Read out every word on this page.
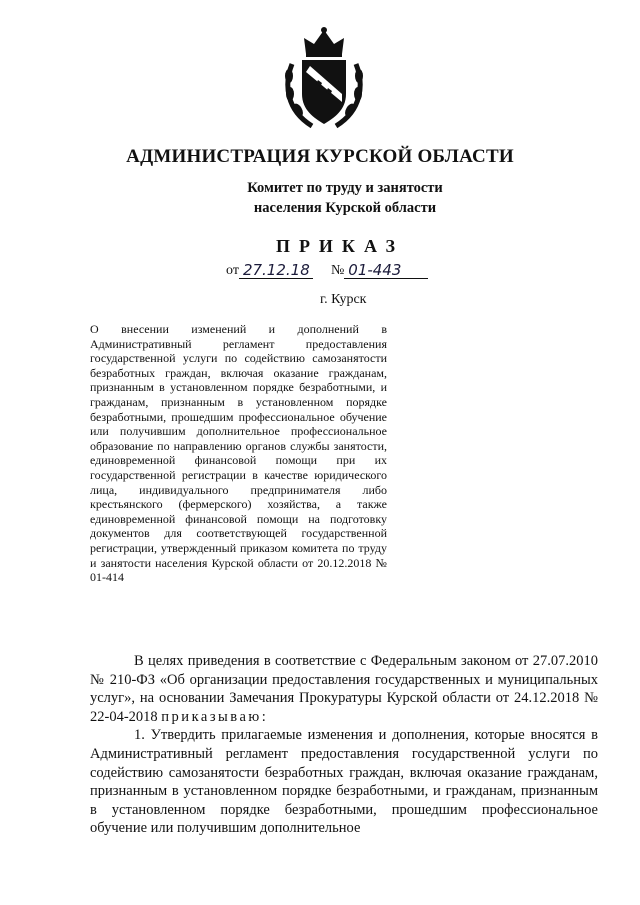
АДМИНИСТРАЦИЯ КУРСКОЙ ОБЛАСТИ
Комитет по труду и занятости
населения Курской области
ПРИКАЗ
от 27.12.18 № 01-443
г. Курск
О внесении изменений и дополнений в Административный регламент предоставления государственной услуги по содействию самозанятости безработных граждан, включая оказание гражданам, признанным в установленном порядке безработными, и гражданам, признанным в установленном порядке безработными, прошедшим профессиональное обучение или получившим дополнительное профессиональное образование по направлению органов службы занятости, единовременной финансовой помощи при их государственной регистрации в качестве юридического лица, индивидуального предпринимателя либо крестьянского (фермерского) хозяйства, а также единовременной финансовой помощи на подготовку документов для соответствующей государственной регистрации, утвержденный приказом комитета по труду и занятости населения Курской области от 20.12.2018 № 01-414

В целях приведения в соответствие с Федеральным законом от 27.07.2010 № 210-ФЗ «Об организации предоставления государственных и муниципальных услуг», на основании Замечания Прокуратуры Курской области от 24.12.2018 № 22-04-2018 приказываю:

1. Утвердить прилагаемые изменения и дополнения, которые вносятся в Административный регламент предоставления государственной услуги по содействию самозанятости безработных граждан, включая оказание гражданам, признанным в установленном порядке безработными, и гражданам, признанным в установленном порядке безработными, прошедшим профессиональное обучение или получившим дополнительное
